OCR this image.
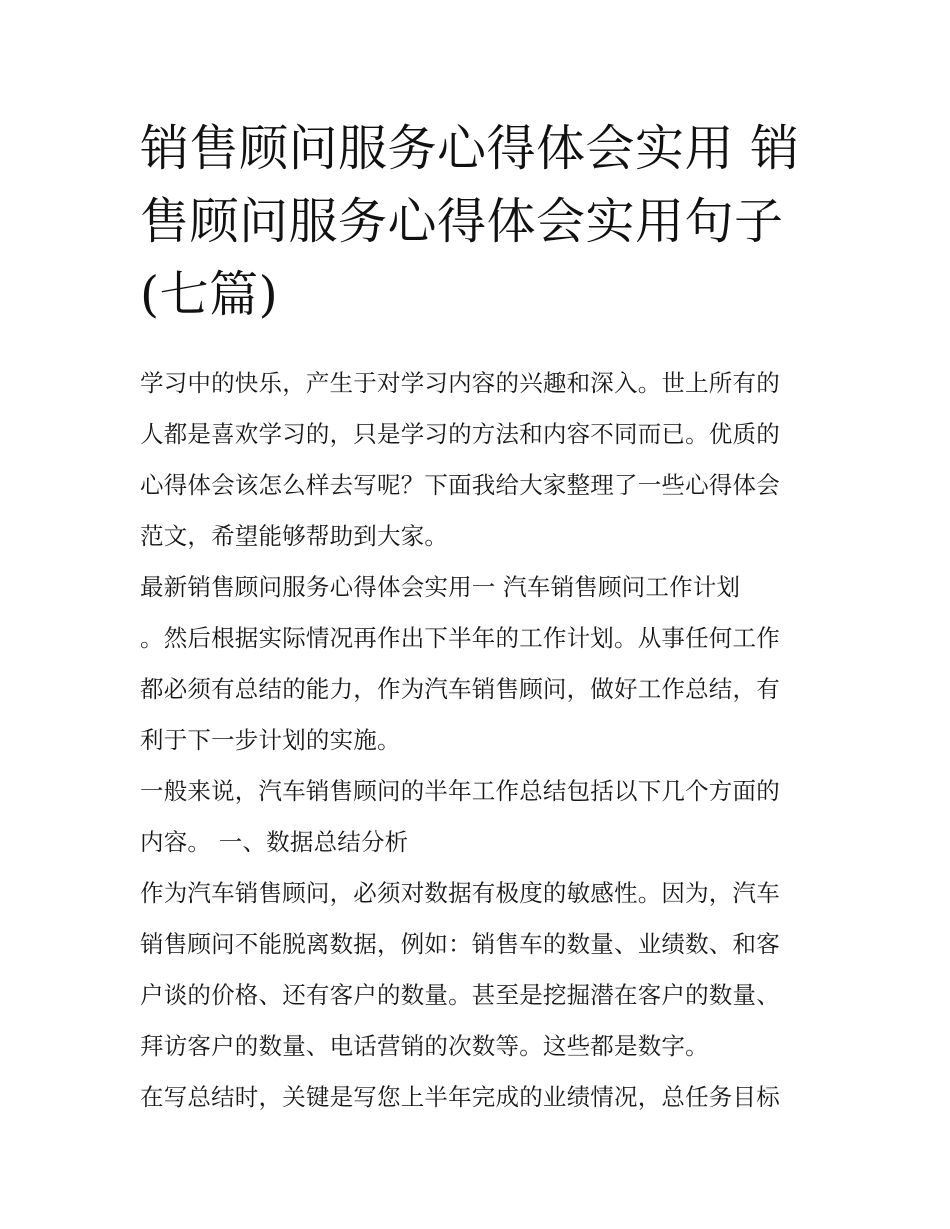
销售顾问服务心得体会实用 销
售顾问服务心得体会实用句子
(七篇)
学习中的快乐，产生于对学习内容的兴趣和深入。世上所有的
人都是喜欢学习的，只是学习的方法和内容不同而已。优质的
心得体会该怎么样去写呢？下面我给大家整理了一些心得体会
范文，希望能够帮助到大家。
最新销售顾问服务心得体会实用一 汽车销售顾问工作计划
。然后根据实际情况再作出下半年的工作计划。从事任何工作
都必须有总结的能力，作为汽车销售顾问，做好工作总结，有
利于下一步计划的实施。
一般来说，汽车销售顾问的半年工作总结包括以下几个方面的
内容。 一、数据总结分析
作为汽车销售顾问，必须对数据有极度的敏感性。因为，汽车
销售顾问不能脱离数据，例如：销售车的数量、业绩数、和客
户谈的价格、还有客户的数量。甚至是挖掘潜在客户的数量、
拜访客户的数量、电话营销的次数等。这些都是数字。
在写总结时，关键是写您上半年完成的业绩情况，总任务目标
